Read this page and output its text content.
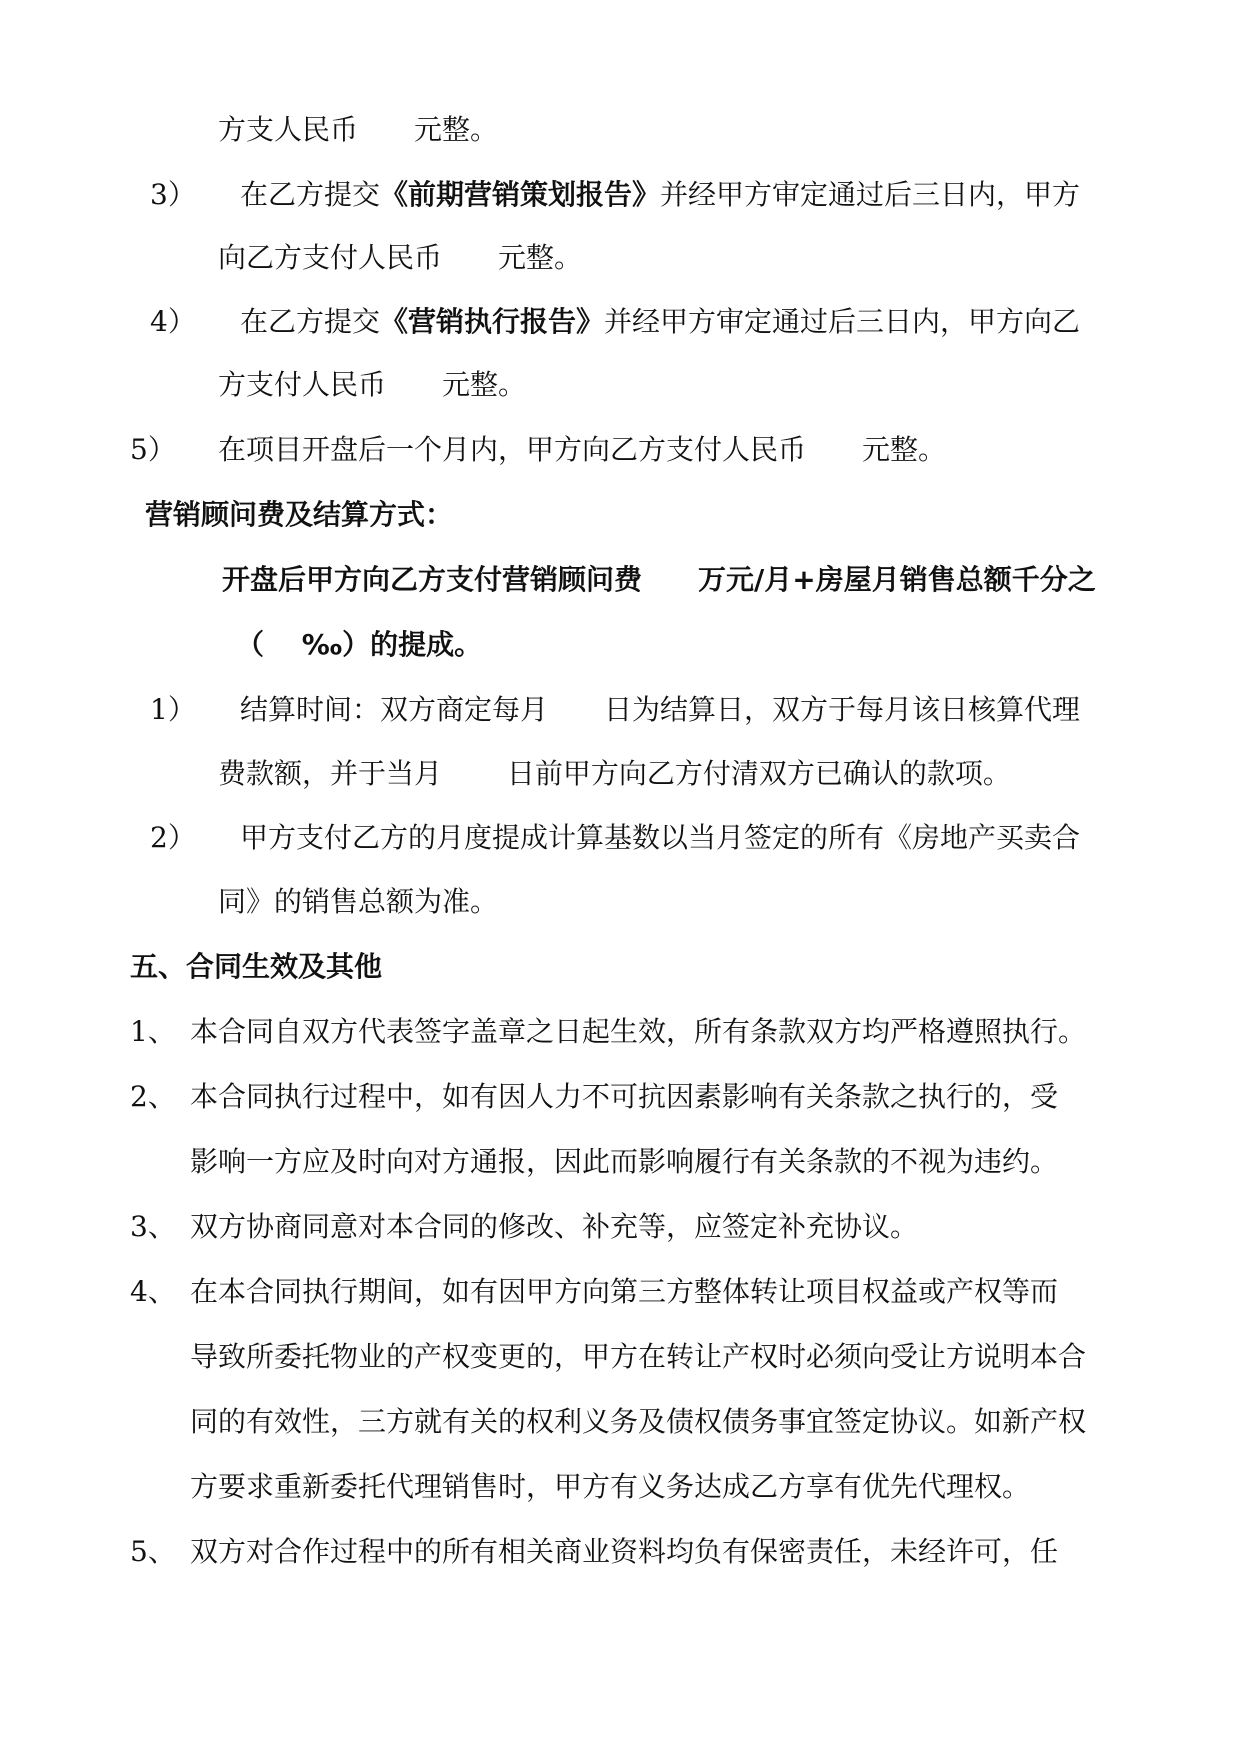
方支人民币　　元整。
3） 在乙方提交《前期营销策划报告》并经甲方审定通过后三日内，甲方
向乙方支付人民币　　元整。
4） 在乙方提交《营销执行报告》并经甲方审定通过后三日内，甲方向乙
方支付人民币　　元整。
5） 在项目开盘后一个月内，甲方向乙方支付人民币　　元整。
营销顾问费及结算方式：
开盘后甲方向乙方支付营销顾问费　　万元/月+房屋月销售总额千分之
（　 ‰）的提成。
1） 结算时间：双方商定每月　　日为结算日，双方于每月该日核算代理
费款额，并于当月　　 日前甲方向乙方付清双方已确认的款项。
2） 甲方支付乙方的月度提成计算基数以当月签定的所有《房地产买卖合
同》的销售总额为准。
五、合同生效及其他
1、 本合同自双方代表签字盖章之日起生效，所有条款双方均严格遵照执行。
2、 本合同执行过程中，如有因人力不可抗因素影响有关条款之执行的，受
影响一方应及时向对方通报，因此而影响履行有关条款的不视为违约。
3、 双方协商同意对本合同的修改、补充等，应签定补充协议。
4、 在本合同执行期间，如有因甲方向第三方整体转让项目权益或产权等而
导致所委托物业的产权变更的，甲方在转让产权时必须向受让方说明本合
同的有效性，三方就有关的权利义务及债权债务事宜签定协议。如新产权
方要求重新委托代理销售时，甲方有义务达成乙方享有优先代理权。
5、 双方对合作过程中的所有相关商业资料均负有保密责任，未经许可，任
